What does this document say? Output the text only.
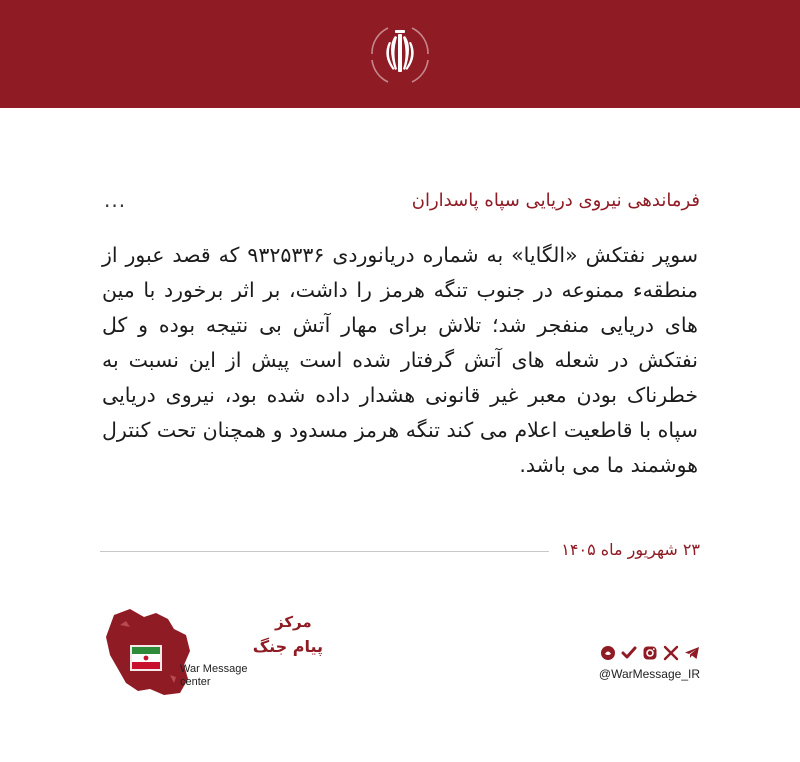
فرماندهی نیروی دریایی سپاه پاسداران
...
سوپر نفتکش «الگایا» به شماره دریانوردی ۹۳۲۵۳۳۶ که قصد عبور از منطقهء ممنوعه در جنوب تنگه هرمز را داشت، بر اثر برخورد با مین های دریایی منفجر شد؛ تلاش برای مهار آتش بی نتیجه بوده و کل نفتکش در شعله های آتش گرفتار شده است پیش از این نسبت به خطرناک بودن معبر غیر قانونی هشدار داده شده بود، نیروی دریایی سپاه با قاطعیت اعلام می کند تنگه هرمز مسدود و همچنان تحت کنترل هوشمند ما می باشد.
۲۳ شهریور ماه ۱۴۰۵
مرکز
پیام جنگ
War Message
center
@WarMessage_IR
